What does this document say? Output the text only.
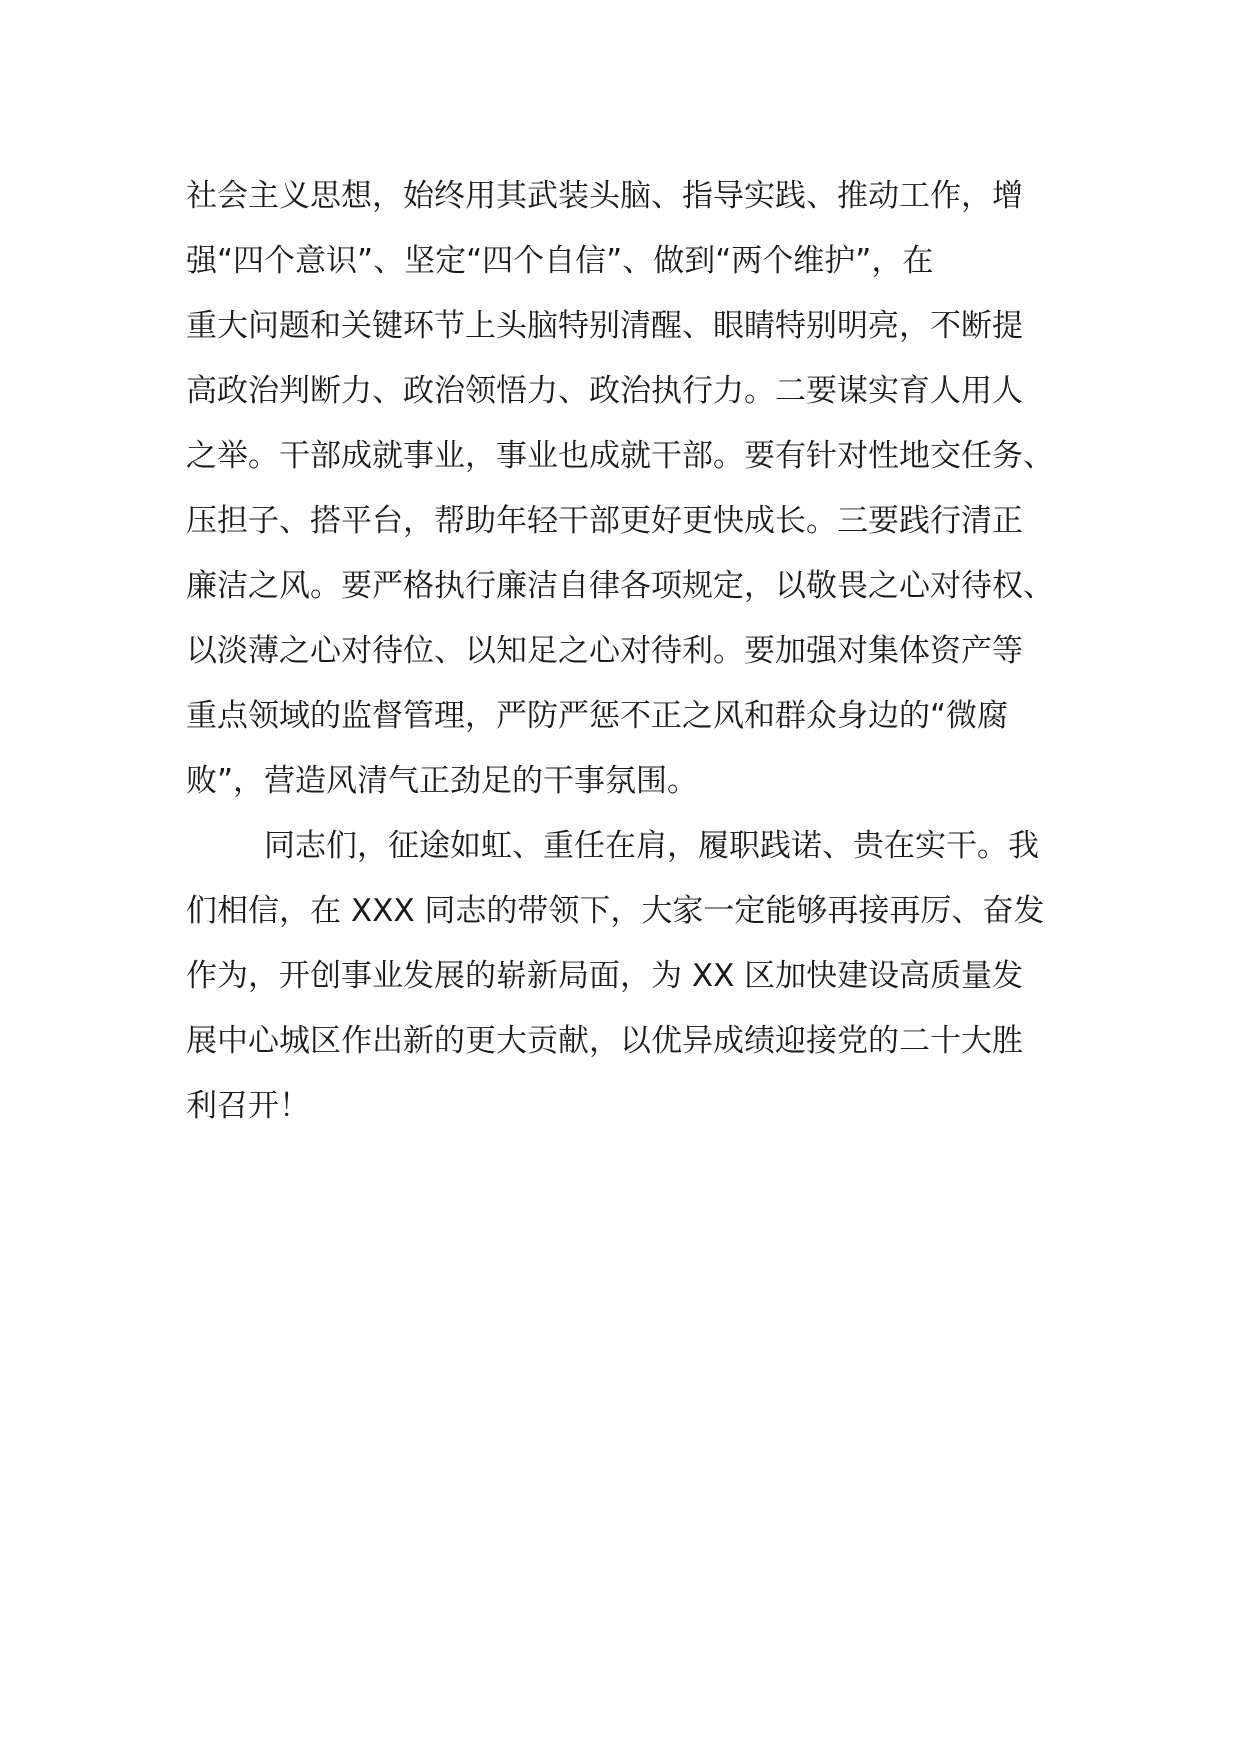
社会主义思想，始终用其武装头脑、指导实践、推动工作，增
强“四个意识”、坚定“四个自信”、做到“两个维护”，在
重大问题和关键环节上头脑特别清醒、眼睛特别明亮，不断提
高政治判断力、政治领悟力、政治执行力。二要谋实育人用人
之举。干部成就事业，事业也成就干部。要有针对性地交任务、
压担子、搭平台，帮助年轻干部更好更快成长。三要践行清正
廉洁之风。要严格执行廉洁自律各项规定，以敬畏之心对待权、
以淡薄之心对待位、以知足之心对待利。要加强对集体资产等
重点领域的监督管理，严防严惩不正之风和群众身边的“微腐
败”，营造风清气正劲足的干事氛围。
同志们，征途如虹、重任在肩，履职践诺、贵在实干。我
们相信，在 XXX 同志的带领下，大家一定能够再接再厉、奋发
作为，开创事业发展的崭新局面，为 XX 区加快建设高质量发
展中心城区作出新的更大贡献，以优异成绩迎接党的二十大胜
利召开！
